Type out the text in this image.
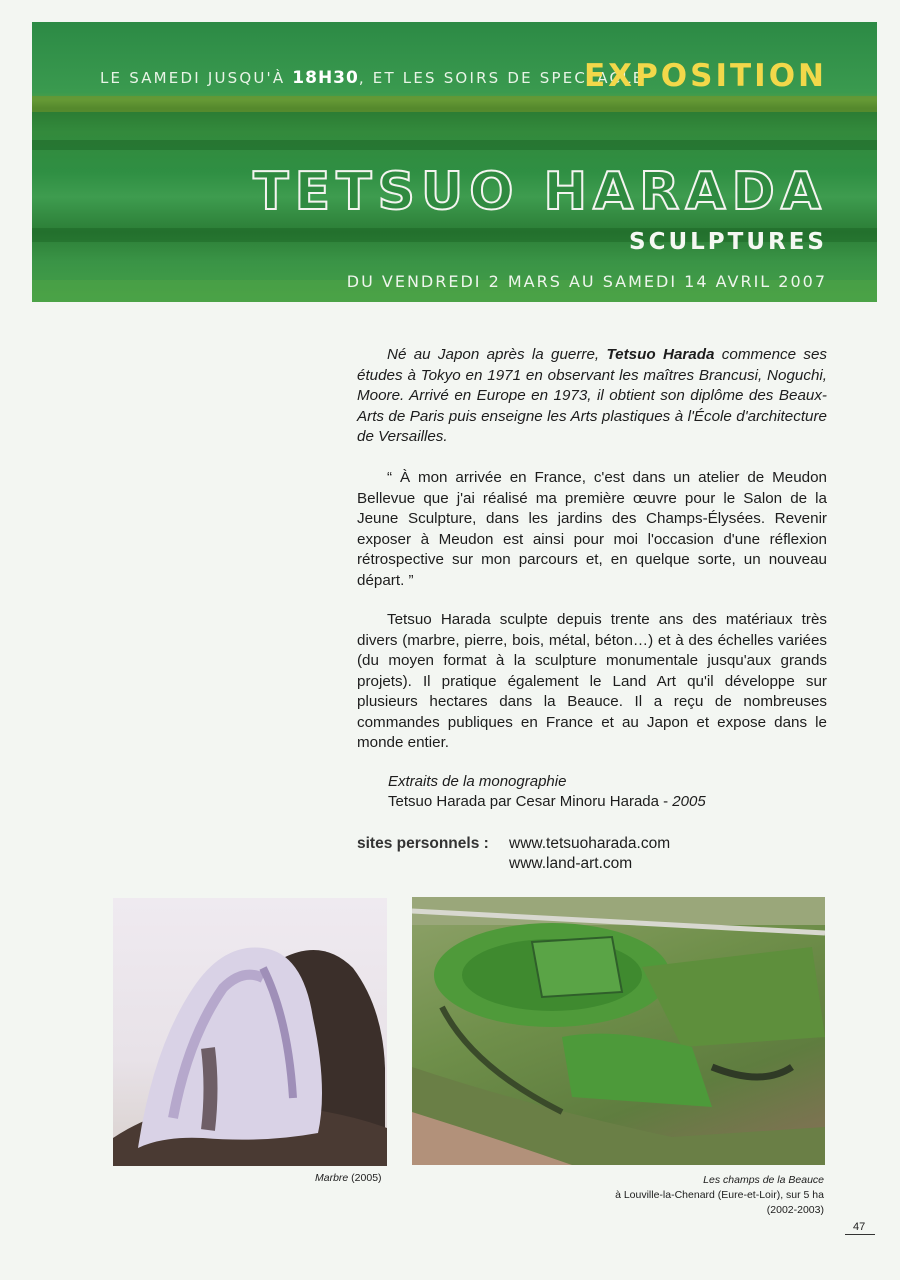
LE SAMEDI JUSQU'À 18H30, ET LES SOIRS DE SPECTACLE
EXPOSITION
TETSUO HARADA
SCULPTURES
DU VENDREDI 2 MARS AU SAMEDI 14 AVRIL 2007

Né au Japon après la guerre, Tetsuo Harada commence ses études à Tokyo en 1971 en observant les maîtres Brancusi, Noguchi, Moore. Arrivé en Europe en 1973, il obtient son diplôme des Beaux-Arts de Paris puis enseigne les Arts plastiques à l'École d'architecture de Versailles.

“ À mon arrivée en France, c'est dans un atelier de Meudon Bellevue que j'ai réalisé ma première œuvre pour le Salon de la Jeune Sculpture, dans les jardins des Champs-Élysées. Revenir exposer à Meudon est ainsi pour moi l'occasion d'une réflexion rétrospective sur mon parcours et, en quelque sorte, un nouveau départ. ”

Tetsuo Harada sculpte depuis trente ans des matériaux très divers (marbre, pierre, bois, métal, béton…) et à des échelles variées (du moyen format à la sculpture monumentale jusqu'aux grands projets). Il pratique également le Land Art qu'il développe sur plusieurs hectares dans la Beauce. Il a reçu de nombreuses commandes publiques en France et au Japon et expose dans le monde entier.

Extraits de la monographie
Tetsuo Harada par Cesar Minoru Harada - 2005
sites personnels : www.tetsuoharada.com
www.land-art.com
Marbre (2005)	Les champs de la Beauce
à Louville-la-Chenard (Eure-et-Loir), sur 5 ha
(2002-2003)
47
